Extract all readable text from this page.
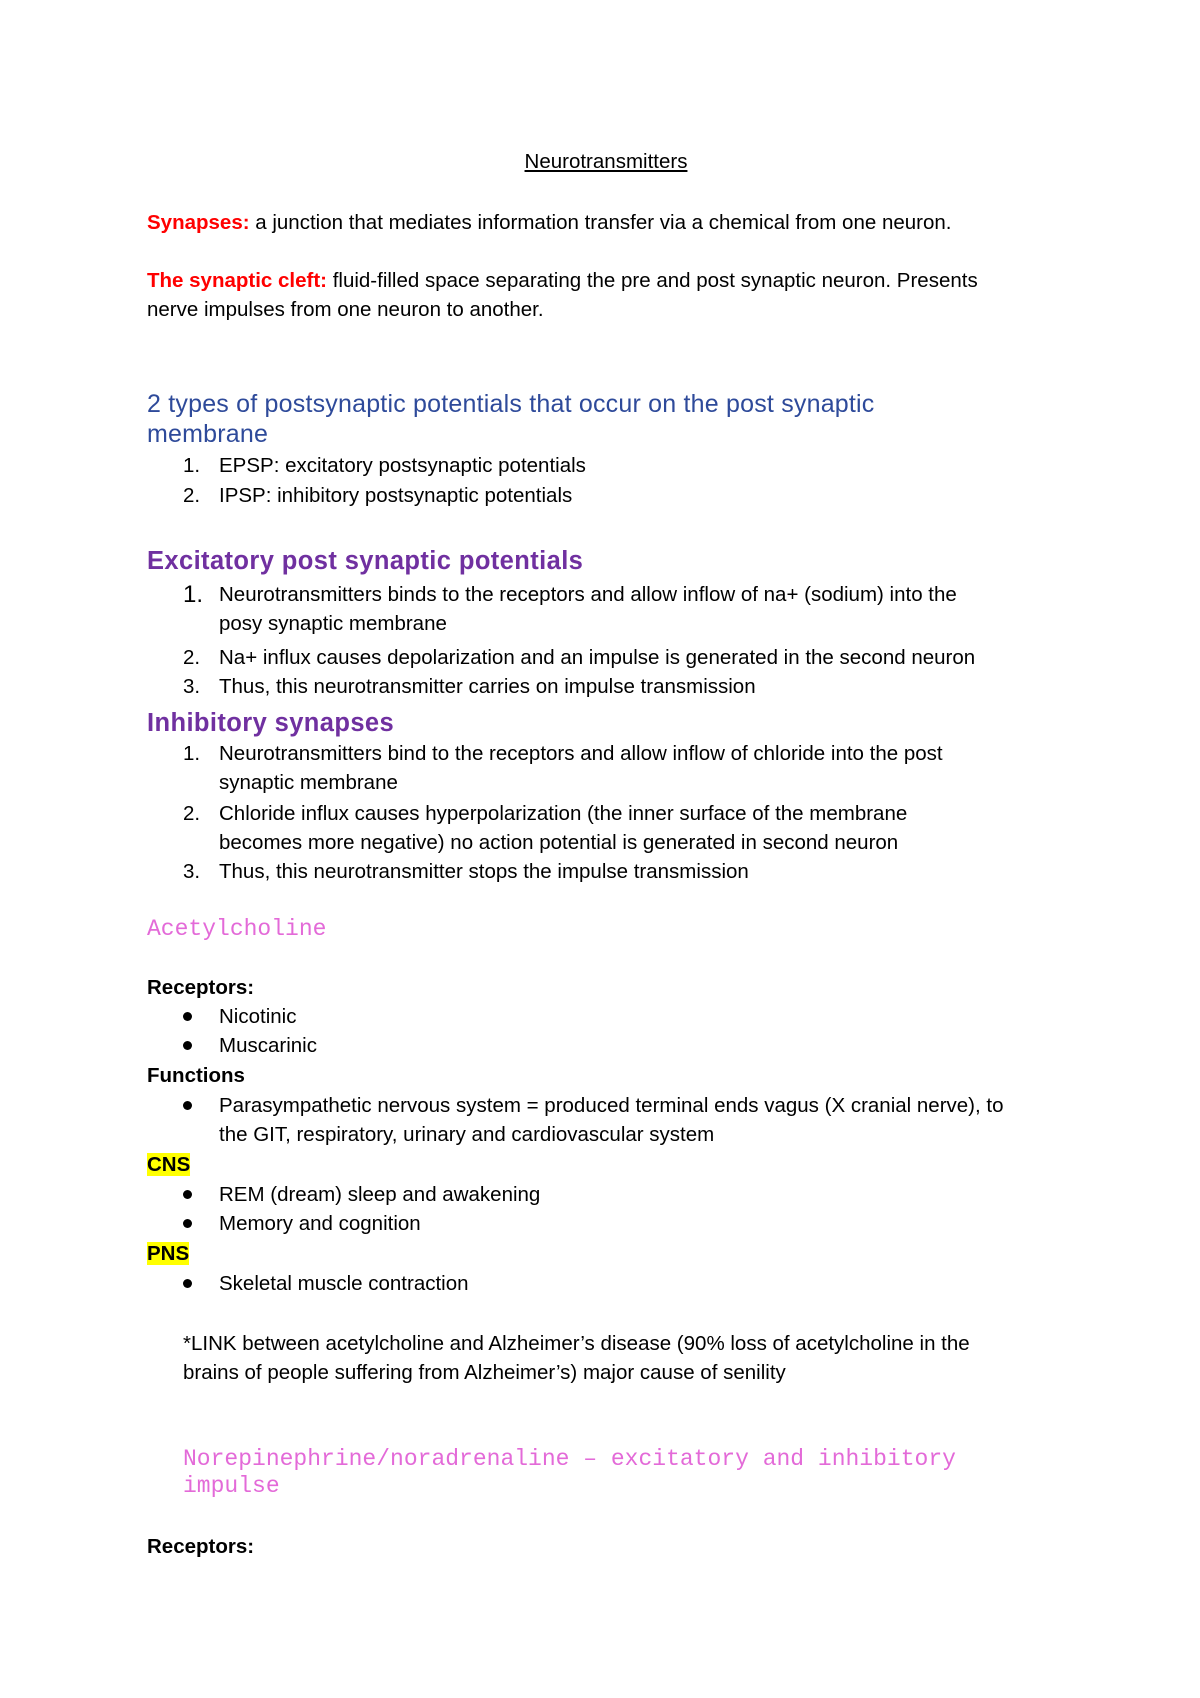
Neurotransmitters
Synapses: a junction that mediates information transfer via a chemical from one neuron.
The synaptic cleft: fluid-filled space separating the pre and post synaptic neuron. Presents
nerve impulses from one neuron to another.
2 types of postsynaptic potentials that occur on the post synaptic
membrane
1. EPSP: excitatory postsynaptic potentials
2. IPSP: inhibitory postsynaptic potentials
Excitatory post synaptic potentials
1. Neurotransmitters binds to the receptors and allow inflow of na+ (sodium) into the
posy synaptic membrane
2. Na+ influx causes depolarization and an impulse is generated in the second neuron
3. Thus, this neurotransmitter carries on impulse transmission
Inhibitory synapses
1. Neurotransmitters bind to the receptors and allow inflow of chloride into the post
synaptic membrane
2. Chloride influx causes hyperpolarization (the inner surface of the membrane
becomes more negative) no action potential is generated in second neuron
3. Thus, this neurotransmitter stops the impulse transmission
Acetylcholine
Receptors:
Nicotinic
Muscarinic
Functions
Parasympathetic nervous system = produced terminal ends vagus (X cranial nerve), to
the GIT, respiratory, urinary and cardiovascular system
CNS
REM (dream) sleep and awakening
Memory and cognition
PNS
Skeletal muscle contraction
*LINK between acetylcholine and Alzheimer’s disease (90% loss of acetylcholine in the
brains of people suffering from Alzheimer’s) major cause of senility
Norepinephrine/noradrenaline – excitatory and inhibitory
impulse
Receptors:
